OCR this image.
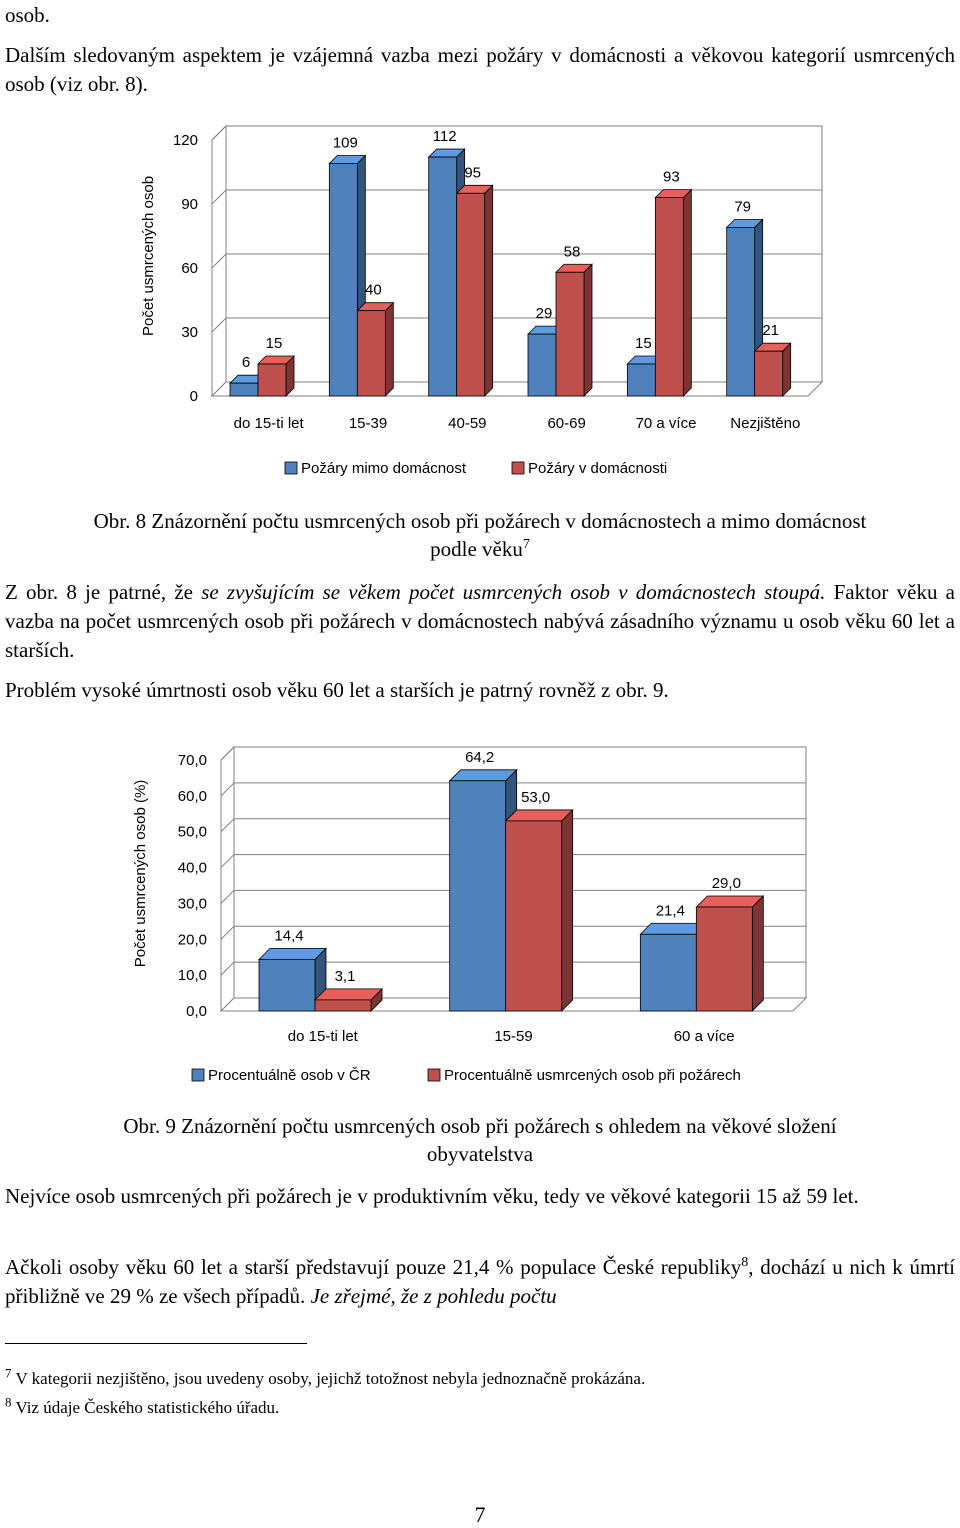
osob.

Dalším sledovaným aspektem je vzájemná vazba mezi požáry v domácnosti a věkovou kategorií usmrcených osob (viz obr. 8).

0
30
60
90
120
Počet usmrcených osob
do 15-ti let
6
15
15-39
109
40
40-59
112
95
60-69
29
58
70 a více
15
93
Nezjištěno
79
21
Požáry mimo domácnost	Požáry v domácnosti
Obr. 8 Znázornění počtu usmrcených osob při požárech v domácnostech a mimo domácnost
podle věku$^7$

Z obr. 8 je patrné, že se zvyšujícím se věkem počet usmrcených osob v domácnostech stoupá. Faktor věku a vazba na počet usmrcených osob při požárech v domácnostech nabývá zásadního významu u osob věku 60 let a starších.

Problém vysoké úmrtnosti osob věku 60 let a starších je patrný rovněž z obr. 9.

0,0
10,0
20,0
30,0
40,0
50,0
60,0
70,0
Počet usmrcených osob (%)
do 15-ti let
14,4
3,1
15-59
64,2
53,0
60 a více
21,4
29,0
Procentuálně osob v ČR	Procentuálně usmrcených osob při požárech
Obr. 9 Znázornění počtu usmrcených osob při požárech s ohledem na věkové složení
obyvatelstva

Nejvíce osob usmrcených při požárech je v produktivním věku, tedy ve věkové kategorii 15 až 59 let.

Ačkoli osoby věku 60 let a starší představují pouze 21,4 % populace České republiky$^8$, dochází u nich k úmrtí přibližně ve 29 % ze všech případů. Je zřejmé, že z pohledu počtu

$^7$ V kategorii nezjištěno, jsou uvedeny osoby, jejichž totožnost nebyla jednoznačně prokázána.
$^8$ Viz údaje Českého statistického úřadu.
7
